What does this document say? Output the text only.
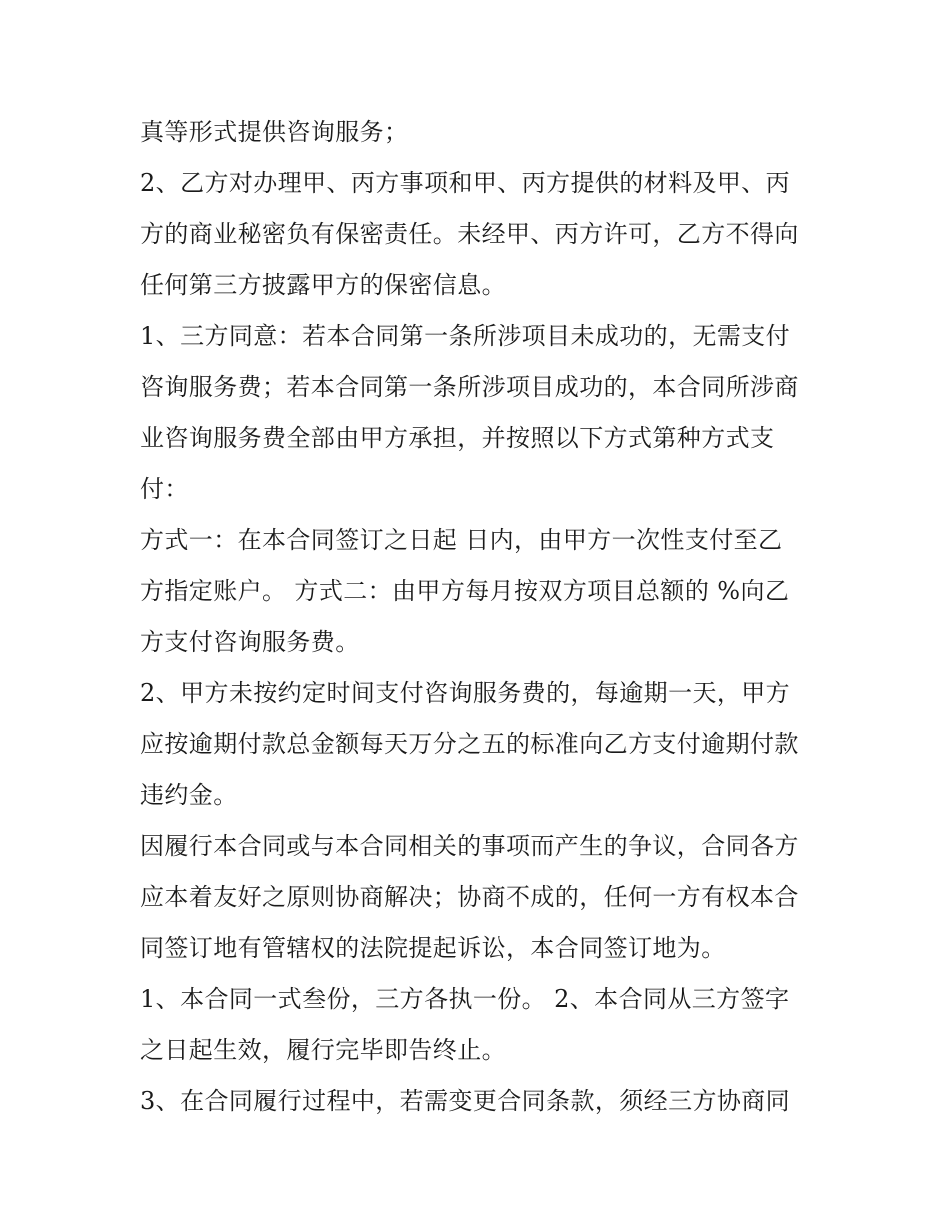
真等形式提供咨询服务；
2、乙方对办理甲、丙方事项和甲、丙方提供的材料及甲、丙
方的商业秘密负有保密责任。未经甲、丙方许可，乙方不得向
任何第三方披露甲方的保密信息。
1、三方同意：若本合同第一条所涉项目未成功的，无需支付
咨询服务费；若本合同第一条所涉项目成功的，本合同所涉商
业咨询服务费全部由甲方承担，并按照以下方式第种方式支
付：
方式一：在本合同签订之日起 日内，由甲方一次性支付至乙
方指定账户。 方式二：由甲方每月按双方项目总额的 %向乙
方支付咨询服务费。
2、甲方未按约定时间支付咨询服务费的，每逾期一天，甲方
应按逾期付款总金额每天万分之五的标准向乙方支付逾期付款
违约金。
因履行本合同或与本合同相关的事项而产生的争议，合同各方
应本着友好之原则协商解决；协商不成的，任何一方有权本合
同签订地有管辖权的法院提起诉讼，本合同签订地为。
1、本合同一式叁份，三方各执一份。 2、本合同从三方签字
之日起生效，履行完毕即告终止。
3、在合同履行过程中，若需变更合同条款，须经三方协商同
